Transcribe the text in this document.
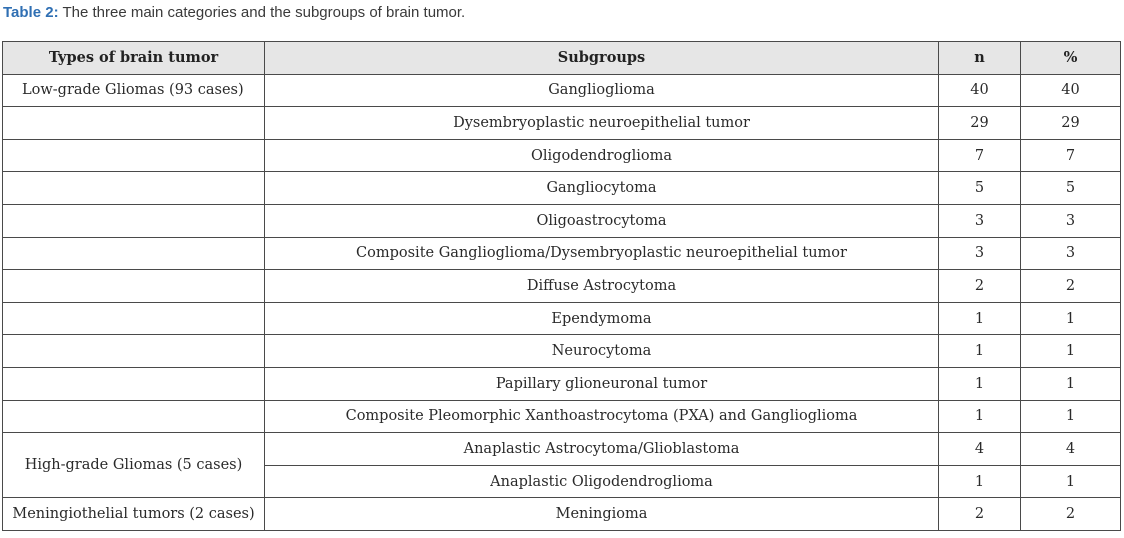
Table 2: The three main categories and the subgroups of brain tumor.
Types of brain tumor	Subgroups	n	%
Low-grade Gliomas (93 cases)	Ganglioglioma	40	40
	Dysembryoplastic neuroepithelial tumor	29	29
	Oligodendroglioma	7	7
	Gangliocytoma	5	5
	Oligoastrocytoma	3	3
	Composite Ganglioglioma/Dysembryoplastic neuroepithelial tumor	3	3
	Diffuse Astrocytoma	2	2
	Ependymoma	1	1
	Neurocytoma	1	1
	Papillary glioneuronal tumor	1	1
	Composite Pleomorphic Xanthoastrocytoma (PXA) and Ganglioglioma	1	1
High-grade Gliomas (5 cases)	Anaplastic Astrocytoma/Glioblastoma	4	4
	Anaplastic Oligodendroglioma	1	1
Meningiothelial tumors (2 cases)	Meningioma	2	2
